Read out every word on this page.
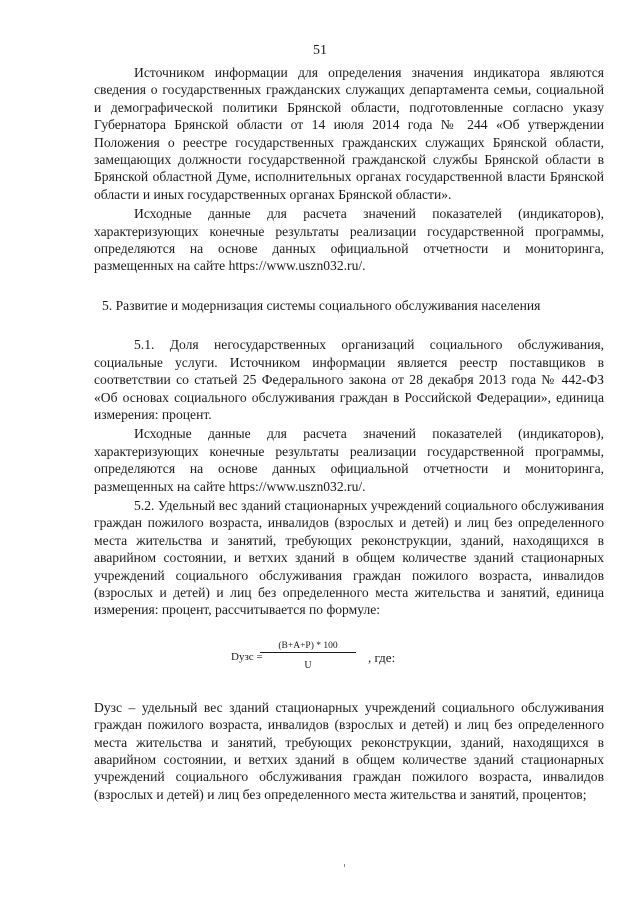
51

Источником информации для определения значения индикатора являются сведения о государственных гражданских служащих департамента семьи, социальной и демографической политики Брянской области, подготовленные согласно указу Губернатора Брянской области от 14 июля 2014 года № 244 «Об утверждении Положения о реестре государственных гражданских служащих Брянской области, замещающих должности государственной гражданской службы Брянской области в Брянской областной Думе, исполнительных органах государственной власти Брянской области и иных государственных органах Брянской области».

Исходные данные для расчета значений показателей (индикаторов), характеризующих конечные результаты реализации государственной программы, определяются на основе данных официальной отчетности и мониторинга, размещенных на сайте https://www.uszn032.ru/.

5. Развитие и модернизация системы социального обслуживания населения

5.1. Доля негосударственных организаций социального обслуживания, социальные услуги. Источником информации является реестр поставщиков в соответствии со статьей 25 Федерального закона от 28 декабря 2013 года № 442-ФЗ «Об основах социального обслуживания граждан в Российской Федерации», единица измерения: процент.

Исходные данные для расчета значений показателей (индикаторов), характеризующих конечные результаты реализации государственной программы, определяются на основе данных официальной отчетности и мониторинга, размещенных на сайте https://www.uszn032.ru/.

5.2. Удельный вес зданий стационарных учреждений социального обслуживания граждан пожилого возраста, инвалидов (взрослых и детей) и лиц без определенного места жительства и занятий, требующих реконструкции, зданий, находящихся в аварийном состоянии, и ветхих зданий в общем количестве зданий стационарных учреждений социального обслуживания граждан пожилого возраста, инвалидов (взрослых и детей) и лиц без определенного места жительства и занятий, единица измерения: процент, рассчитывается по формуле:

Dузс =
(В+А+Р) * 100
U
, где:

Dузс – удельный вес зданий стационарных учреждений социального обслуживания граждан пожилого возраста, инвалидов (взрослых и детей) и лиц без определенного места жительства и занятий, требующих реконструкции, зданий, находящихся в аварийном состоянии, и ветхих зданий в общем количестве зданий стационарных учреждений социального обслуживания граждан пожилого возраста, инвалидов (взрослых и детей) и лиц без определенного места жительства и занятий, процентов;
